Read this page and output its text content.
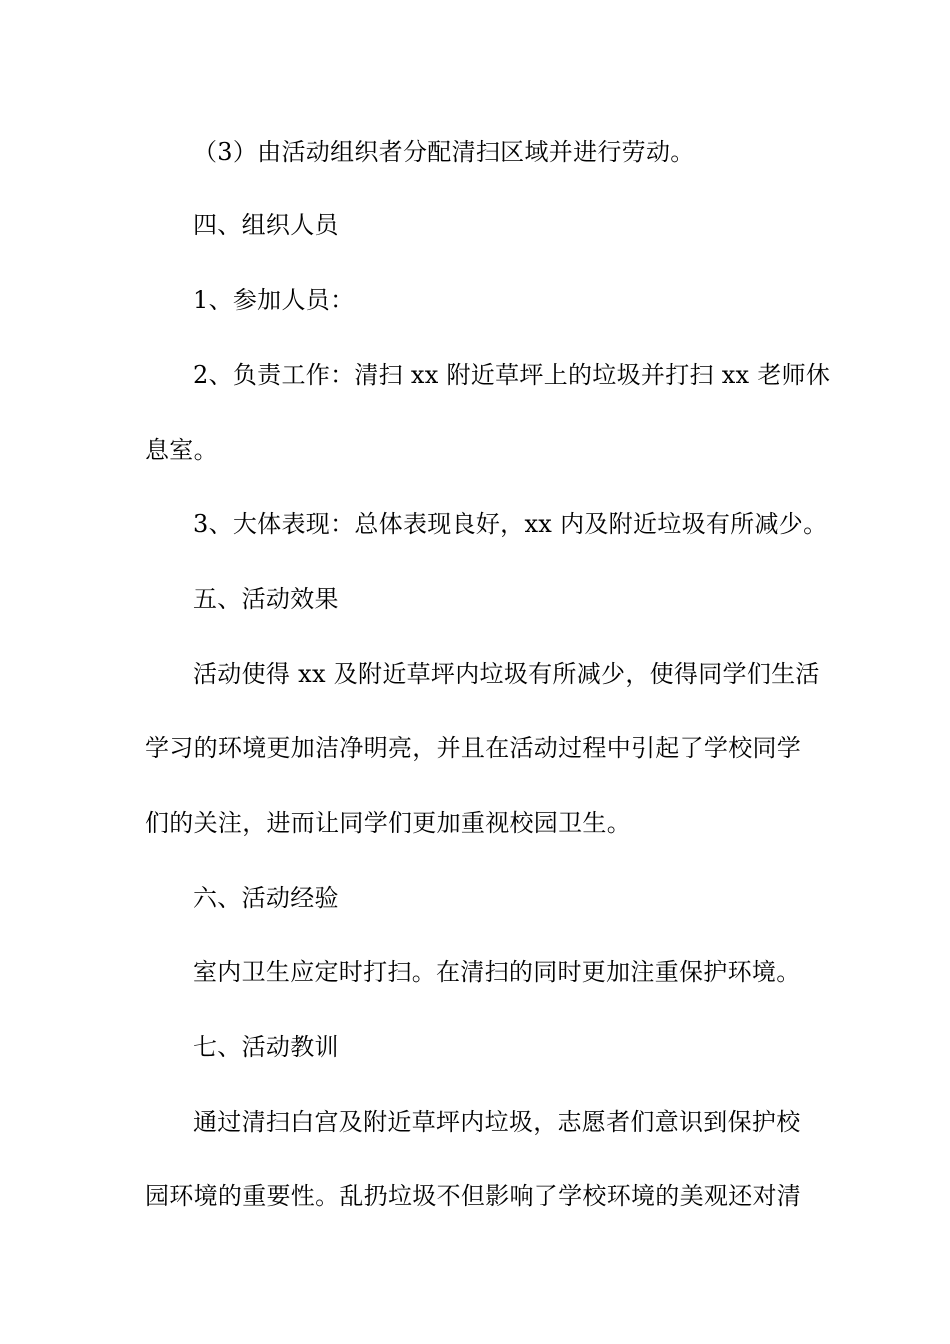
（3）由活动组织者分配清扫区域并进行劳动。
四、组织人员
1、参加人员：
2、负责工作：清扫 xx 附近草坪上的垃圾并打扫 xx 老师休
息室。
3、大体表现：总体表现良好，xx 内及附近垃圾有所减少。
五、活动效果
活动使得 xx 及附近草坪内垃圾有所减少，使得同学们生活
学习的环境更加洁净明亮，并且在活动过程中引起了学校同学
们的关注，进而让同学们更加重视校园卫生。
六、活动经验
室内卫生应定时打扫。在清扫的同时更加注重保护环境。
七、活动教训
通过清扫白宫及附近草坪内垃圾，志愿者们意识到保护校
园环境的重要性。乱扔垃圾不但影响了学校环境的美观还对清
